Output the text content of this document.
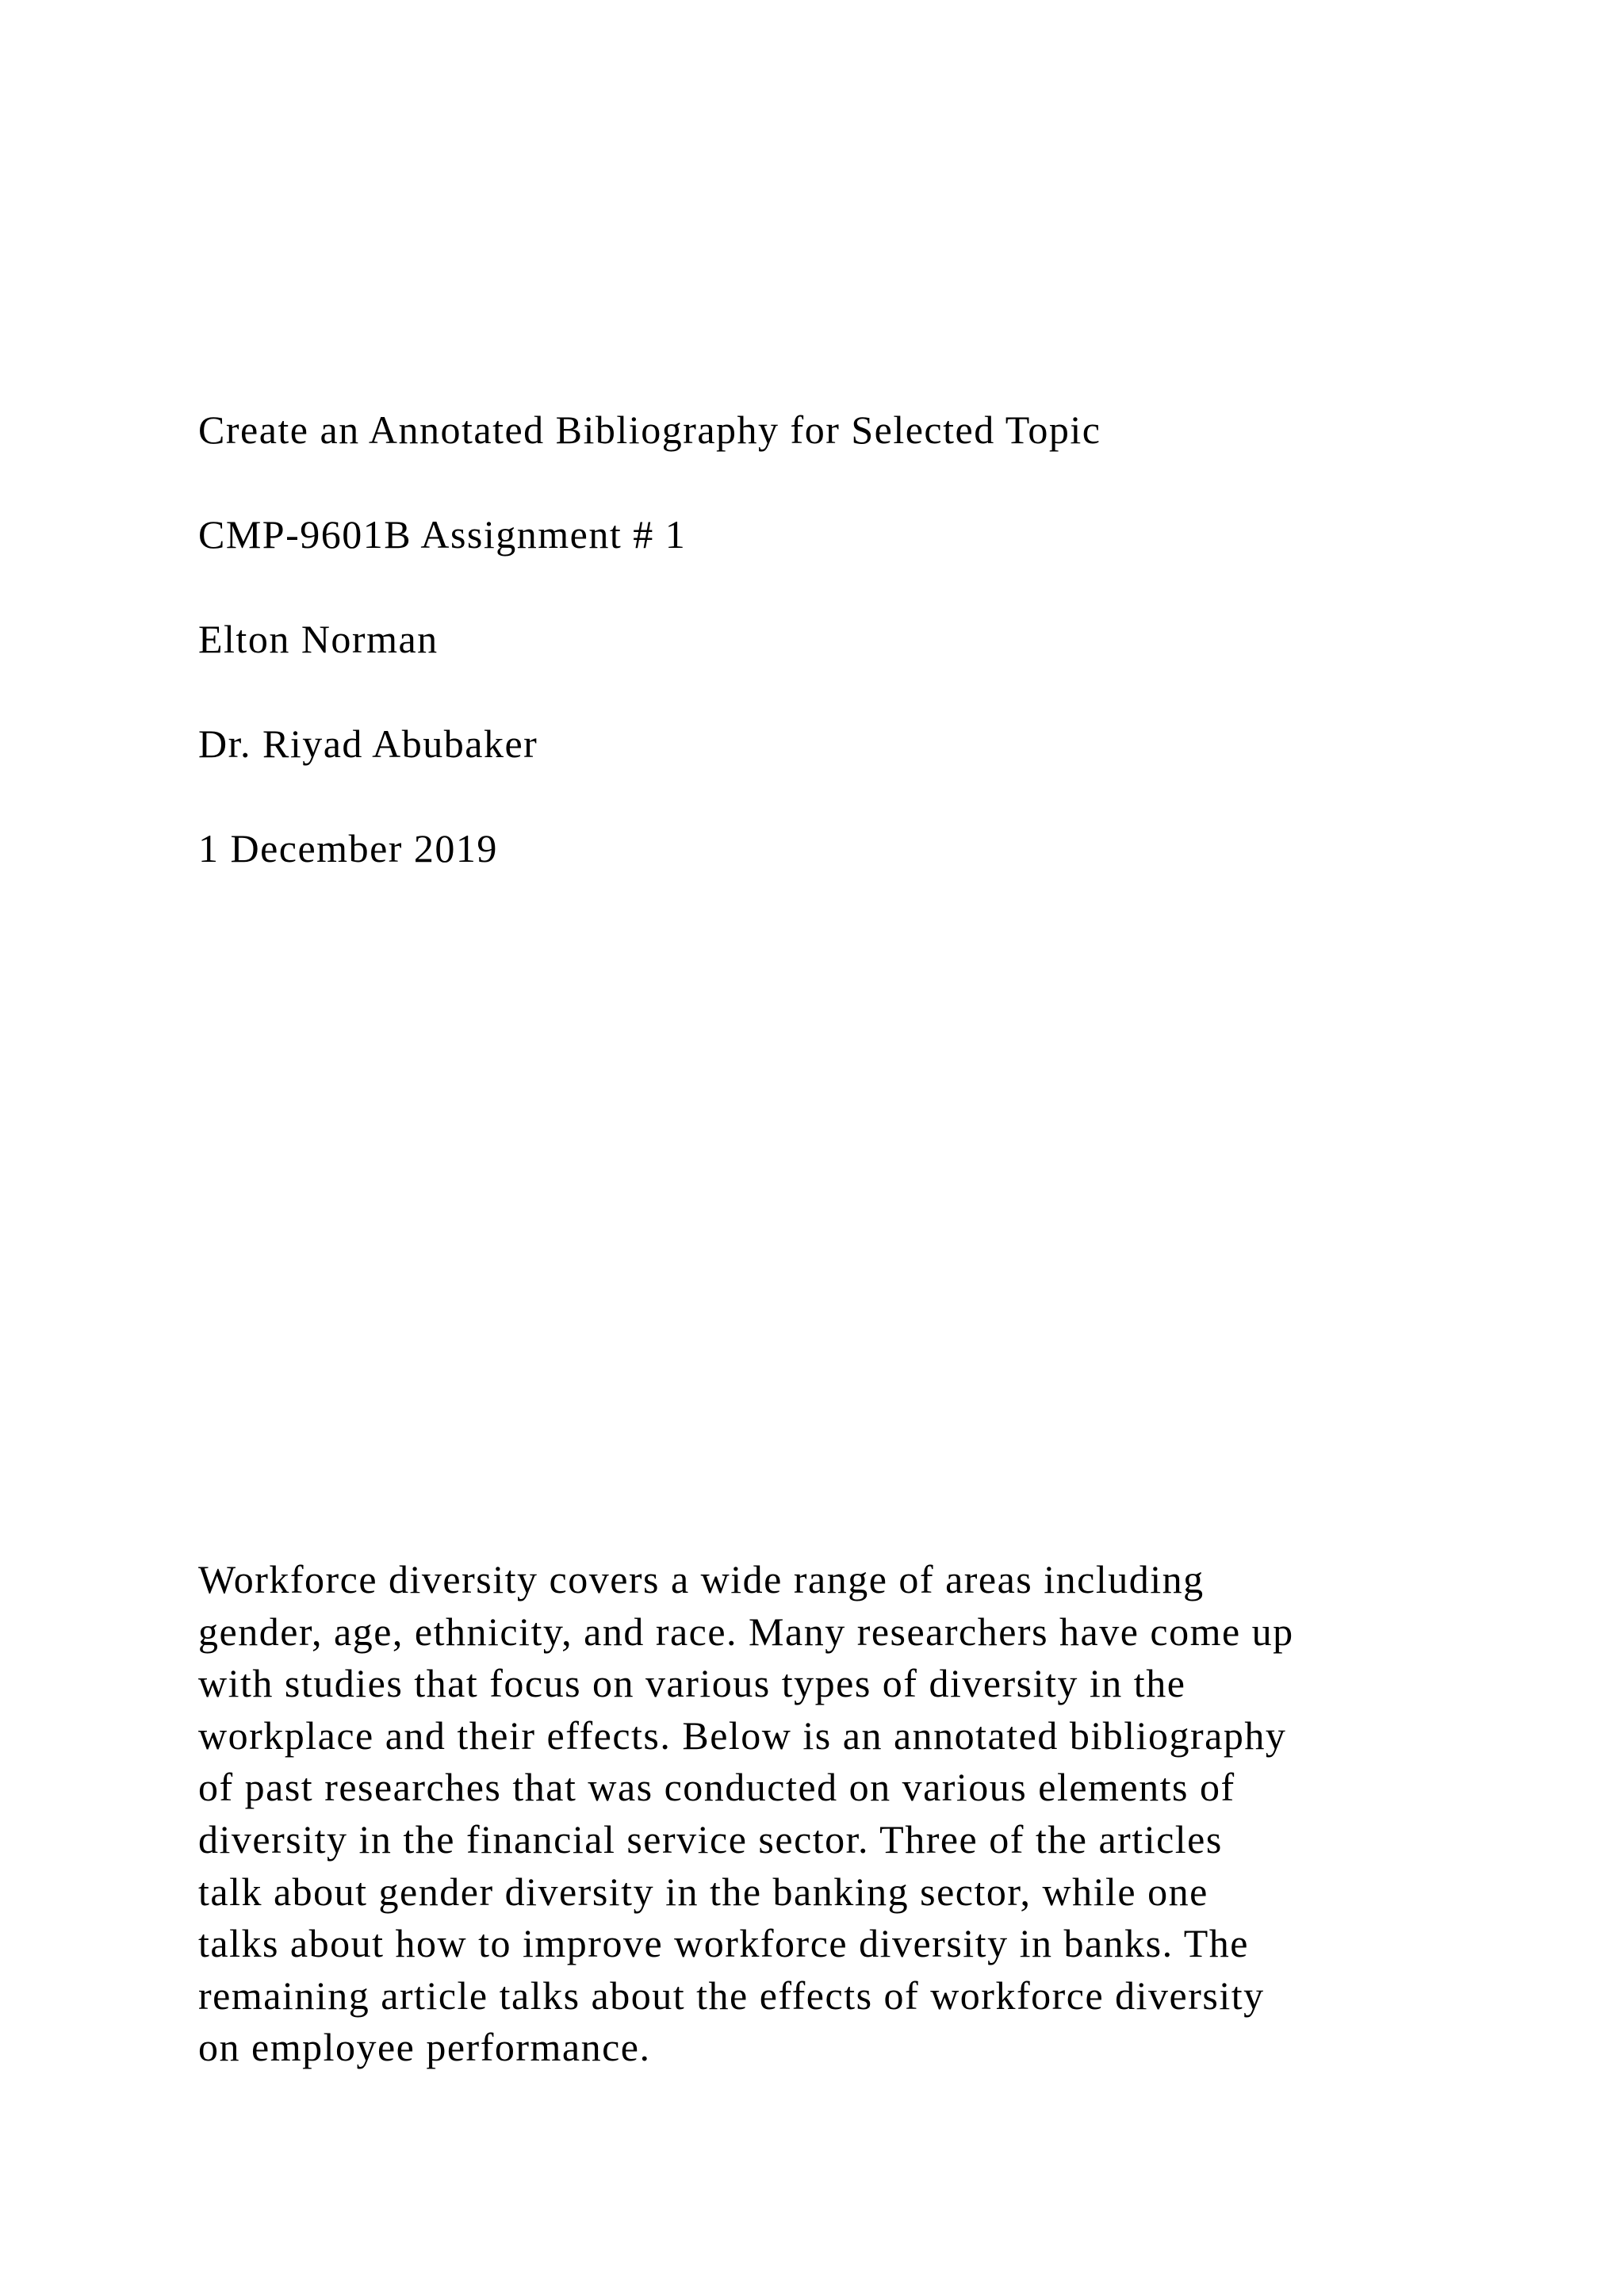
Create an Annotated Bibliography for Selected Topic

CMP-9601B Assignment # 1

Elton Norman

Dr. Riyad Abubaker

1 December 2019

Workforce diversity covers a wide range of areas including
gender, age, ethnicity, and race. Many researchers have come up
with studies that focus on various types of diversity in the
workplace and their effects. Below is an annotated bibliography
of past researches that was conducted on various elements of
diversity in the financial service sector. Three of the articles
talk about gender diversity in the banking sector, while one
talks about how to improve workforce diversity in banks. The
remaining article talks about the effects of workforce diversity
on employee performance.
